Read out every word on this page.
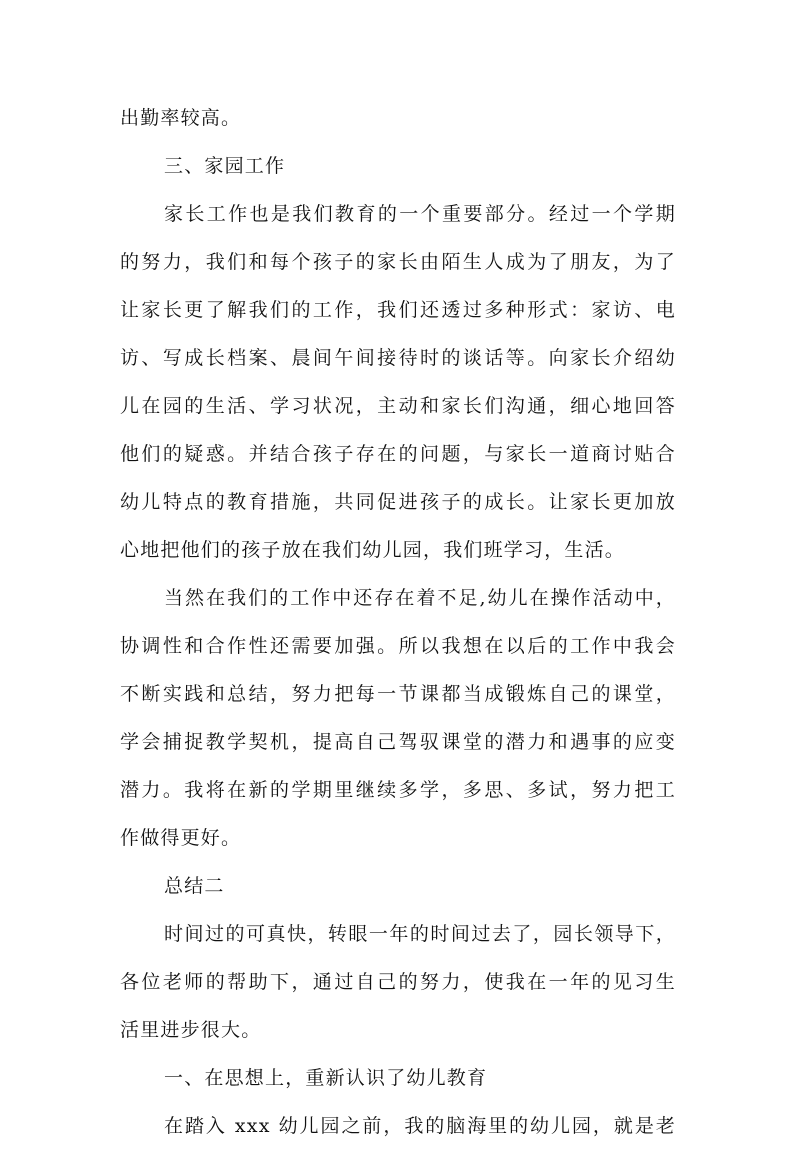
出勤率较高。
三、家园工作
家长工作也是我们教育的一个重要部分。经过一个学期
的努力，我们和每个孩子的家长由陌生人成为了朋友，为了
让家长更了解我们的工作，我们还透过多种形式：家访、电
访、写成长档案、晨间午间接待时的谈话等。向家长介绍幼
儿在园的生活、学习状况，主动和家长们沟通，细心地回答
他们的疑惑。并结合孩子存在的问题，与家长一道商讨贴合
幼儿特点的教育措施，共同促进孩子的成长。让家长更加放
心地把他们的孩子放在我们幼儿园，我们班学习，生活。
当然在我们的工作中还存在着不足,幼儿在操作活动中，
协调性和合作性还需要加强。所以我想在以后的工作中我会
不断实践和总结，努力把每一节课都当成锻炼自己的课堂，
学会捕捉教学契机，提高自己驾驭课堂的潜力和遇事的应变
潜力。我将在新的学期里继续多学，多思、多试，努力把工
作做得更好。
总结二
时间过的可真快，转眼一年的时间过去了，园长领导下，
各位老师的帮助下，通过自己的努力，使我在一年的见习生
活里进步很大。
一、在思想上，重新认识了幼儿教育
在踏入 xxx 幼儿园之前，我的脑海里的幼儿园，就是老
